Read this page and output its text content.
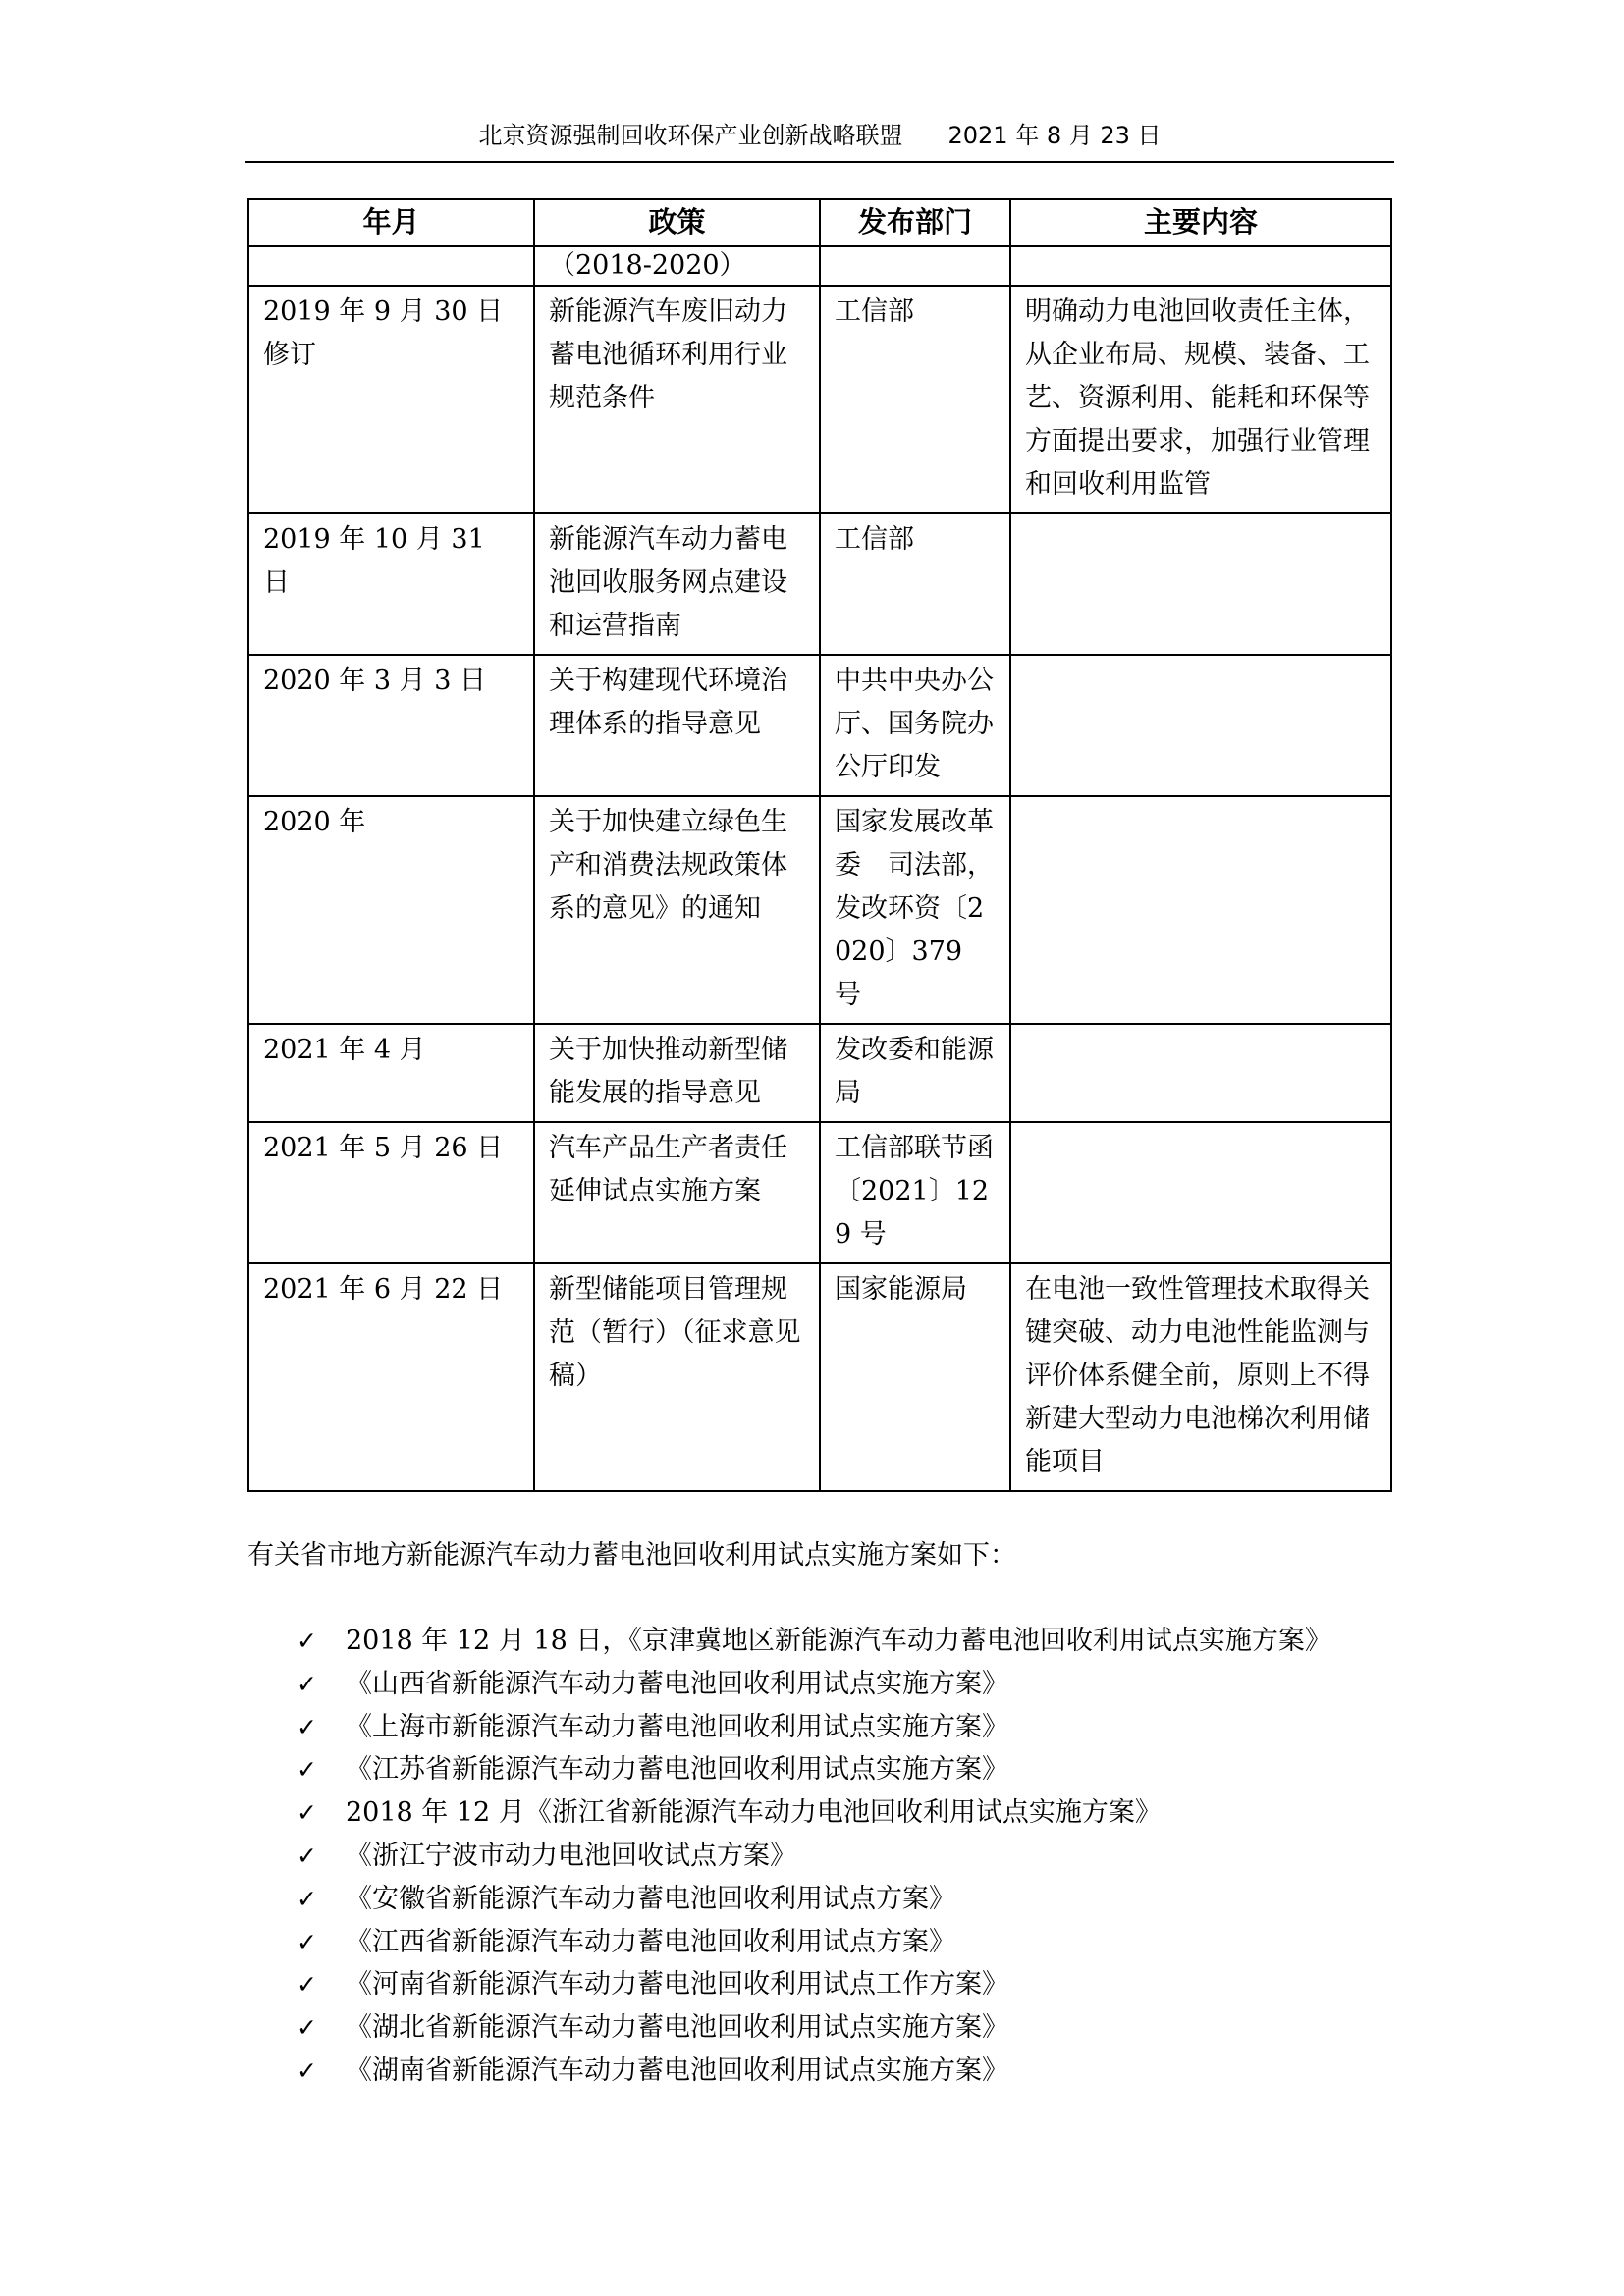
北京资源强制回收环保产业创新战略联盟 2021 年 8 月 23 日
年月	政策	发布部门	主要内容
	（2018-2020）		
2019 年 9 月 30 日修订	新能源汽车废旧动力蓄电池循环利用行业规范条件	工信部	明确动力电池回收责任主体，从企业布局、规模、装备、工艺、资源利用、能耗和环保等方面提出要求，加强行业管理和回收利用监管
2019 年 10 月 31 日	新能源汽车动力蓄电池回收服务网点建设和运营指南	工信部	
2020 年 3 月 3 日	关于构建现代环境治理体系的指导意见	中共中央办公厅、国务院办公厅印发	
2020 年	关于加快建立绿色生产和消费法规政策体系的意见》的通知	国家发展改革委　司法部，发改环资〔2020〕379 号	
2021 年 4 月	关于加快推动新型储能发展的指导意见	发改委和能源局	
2021 年 5 月 26 日	汽车产品生产者责任延伸试点实施方案	工信部联节函〔2021〕129 号	
2021 年 6 月 22 日	新型储能项目管理规范（暂行）（征求意见稿）	国家能源局	在电池一致性管理技术取得关键突破、动力电池性能监测与评价体系健全前，原则上不得新建大型动力电池梯次利用储能项目
有关省市地方新能源汽车动力蓄电池回收利用试点实施方案如下：
✓	2018 年 12 月 18 日，《京津冀地区新能源汽车动力蓄电池回收利用试点实施方案》
✓	《山西省新能源汽车动力蓄电池回收利用试点实施方案》
✓	《上海市新能源汽车动力蓄电池回收利用试点实施方案》
✓	《江苏省新能源汽车动力蓄电池回收利用试点实施方案》
✓	2018 年 12 月《浙江省新能源汽车动力电池回收利用试点实施方案》
✓	《浙江宁波市动力电池回收试点方案》
✓	《安徽省新能源汽车动力蓄电池回收利用试点方案》
✓	《江西省新能源汽车动力蓄电池回收利用试点方案》
✓	《河南省新能源汽车动力蓄电池回收利用试点工作方案》
✓	《湖北省新能源汽车动力蓄电池回收利用试点实施方案》
✓	《湖南省新能源汽车动力蓄电池回收利用试点实施方案》
